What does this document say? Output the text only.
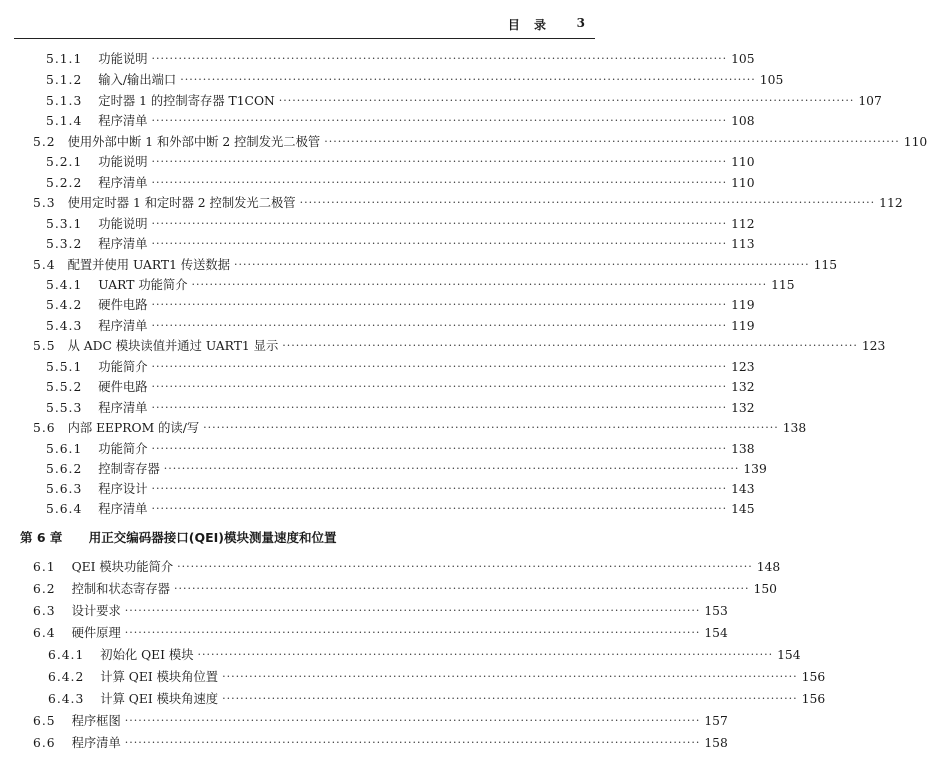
目 录 3
5.1.1 功能说明 ································································································································ 105
5.1.2 输入/输出端口 ································································································································ 105
5.1.3 定时器 1 的控制寄存器 T1CON ································································································································ 107
5.1.4 程序清单 ································································································································ 108
5.2 使用外部中断 1 和外部中断 2 控制发光二极管 ································································································································ 110
5.2.1 功能说明 ································································································································ 110
5.2.2 程序清单 ································································································································ 110
5.3 使用定时器 1 和定时器 2 控制发光二极管 ································································································································ 112
5.3.1 功能说明 ································································································································ 112
5.3.2 程序清单 ································································································································ 113
5.4 配置并使用 UART1 传送数据 ································································································································ 115
5.4.1 UART 功能简介 ································································································································ 115
5.4.2 硬件电路 ································································································································ 119
5.4.3 程序清单 ································································································································ 119
5.5 从 ADC 模块读值并通过 UART1 显示 ································································································································ 123
5.5.1 功能简介 ································································································································ 123
5.5.2 硬件电路 ································································································································ 132
5.5.3 程序清单 ································································································································ 132
5.6 内部 EEPROM 的读/写 ································································································································ 138
5.6.1 功能简介 ································································································································ 138
5.6.2 控制寄存器 ································································································································ 139
5.6.3 程序设计 ································································································································ 143
5.6.4 程序清单 ································································································································ 145
第 6 章 用正交编码器接口(QEI)模块测量速度和位置
6.1 QEI 模块功能简介 ································································································································ 148
6.2 控制和状态寄存器 ································································································································ 150
6.3 设计要求 ································································································································ 153
6.4 硬件原理 ································································································································ 154
6.4.1 初始化 QEI 模块 ································································································································ 154
6.4.2 计算 QEI 模块角位置 ································································································································ 156
6.4.3 计算 QEI 模块角速度 ································································································································ 156
6.5 程序框图 ································································································································ 157
6.6 程序清单 ································································································································ 158
